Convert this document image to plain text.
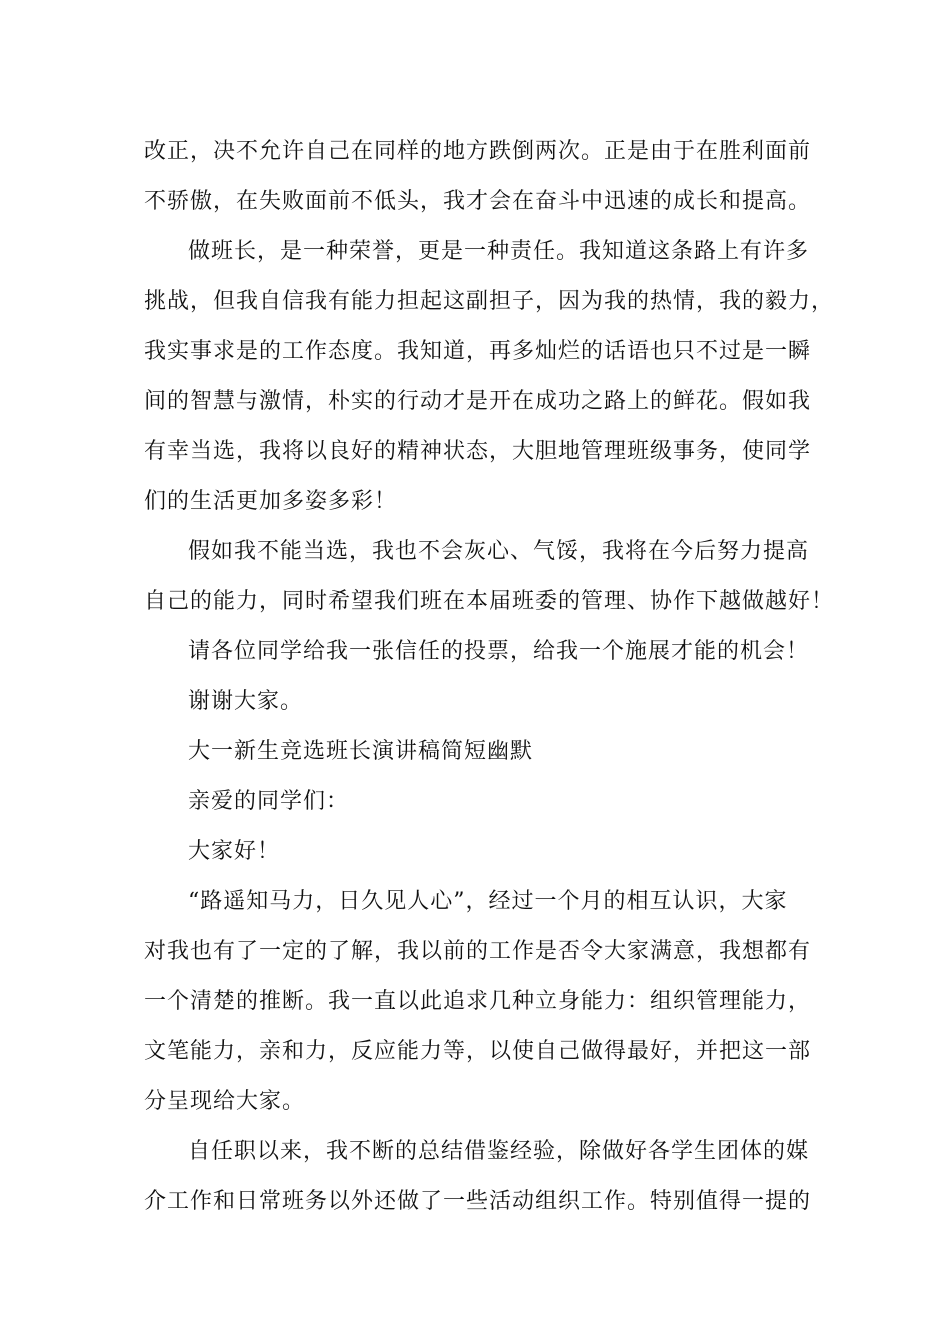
改正，决不允许自己在同样的地方跌倒两次。正是由于在胜利面前
不骄傲，在失败面前不低头，我才会在奋斗中迅速的成长和提高。
做班长，是一种荣誉，更是一种责任。我知道这条路上有许多
挑战，但我自信我有能力担起这副担子，因为我的热情，我的毅力，
我实事求是的工作态度。我知道，再多灿烂的话语也只不过是一瞬
间的智慧与激情，朴实的行动才是开在成功之路上的鲜花。假如我
有幸当选，我将以良好的精神状态，大胆地管理班级事务，使同学
们的生活更加多姿多彩！
假如我不能当选，我也不会灰心、气馁，我将在今后努力提高
自己的能力，同时希望我们班在本届班委的管理、协作下越做越好！
请各位同学给我一张信任的投票，给我一个施展才能的机会！
谢谢大家。
大一新生竞选班长演讲稿简短幽默
亲爱的同学们：
大家好！
“路遥知马力，日久见人心”，经过一个月的相互认识，大家
对我也有了一定的了解，我以前的工作是否令大家满意，我想都有
一个清楚的推断。我一直以此追求几种立身能力：组织管理能力，
文笔能力，亲和力，反应能力等，以使自己做得最好，并把这一部
分呈现给大家。
自任职以来，我不断的总结借鉴经验，除做好各学生团体的媒
介工作和日常班务以外还做了一些活动组织工作。特别值得一提的
